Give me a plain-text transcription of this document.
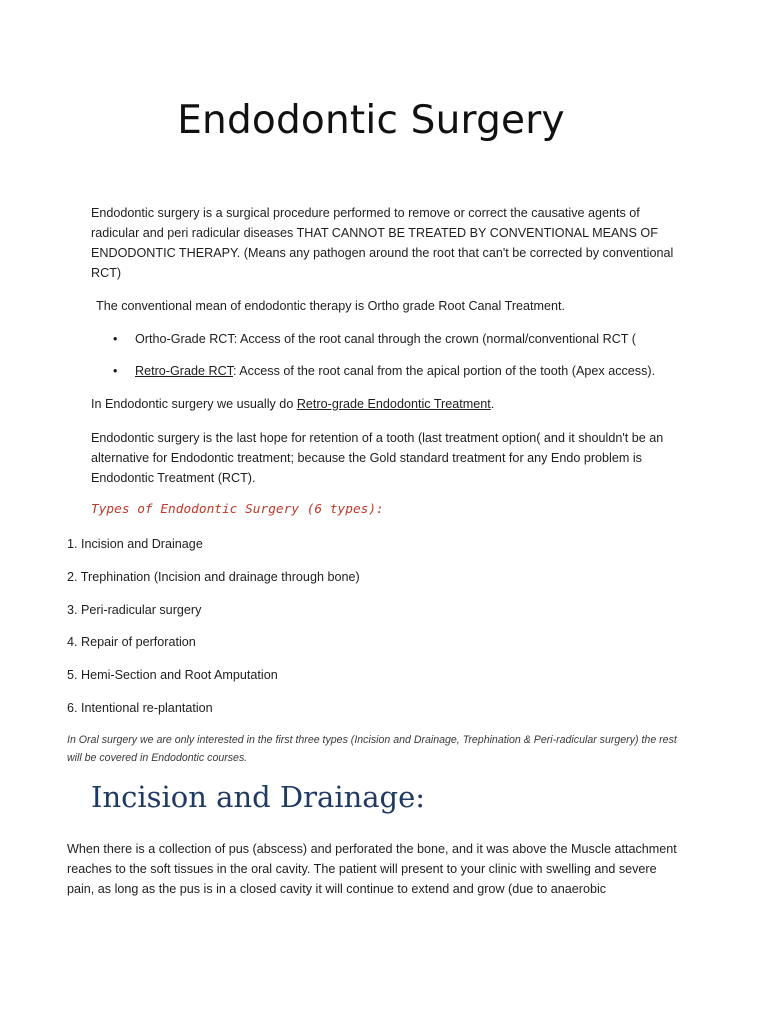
Endodontic Surgery

Endodontic surgery is a surgical procedure performed to remove or correct the causative agents of radicular and peri radicular diseases THAT CANNOT BE TREATED BY CONVENTIONAL MEANS OF ENDODONTIC THERAPY. (Means any pathogen around the root that can't be corrected by conventional RCT)

The conventional mean of endodontic therapy is Ortho grade Root Canal Treatment.

• Ortho-Grade RCT: Access of the root canal through the crown (normal/conventional RCT (
• Retro-Grade RCT: Access of the root canal from the apical portion of the tooth (Apex access).

In Endodontic surgery we usually do Retro-grade Endodontic Treatment.

Endodontic surgery is the last hope for retention of a tooth (last treatment option( and it shouldn't be an alternative for Endodontic treatment; because the Gold standard treatment for any Endo problem is Endodontic Treatment (RCT).

Types of Endodontic Surgery (6 types):

1. Incision and Drainage
2. Trephination (Incision and drainage through bone)
3. Peri-radicular surgery
4. Repair of perforation
5. Hemi-Section and Root Amputation
6. Intentional re-plantation

In Oral surgery we are only interested in the first three types (Incision and Drainage, Trephination & Peri-radicular surgery) the rest will be covered in Endodontic courses.

Incision and Drainage:

When there is a collection of pus (abscess) and perforated the bone, and it was above the Muscle attachment reaches to the soft tissues in the oral cavity. The patient will present to your clinic with swelling and severe pain, as long as the pus is in a closed cavity it will continue to extend and grow (due to anaerobic
